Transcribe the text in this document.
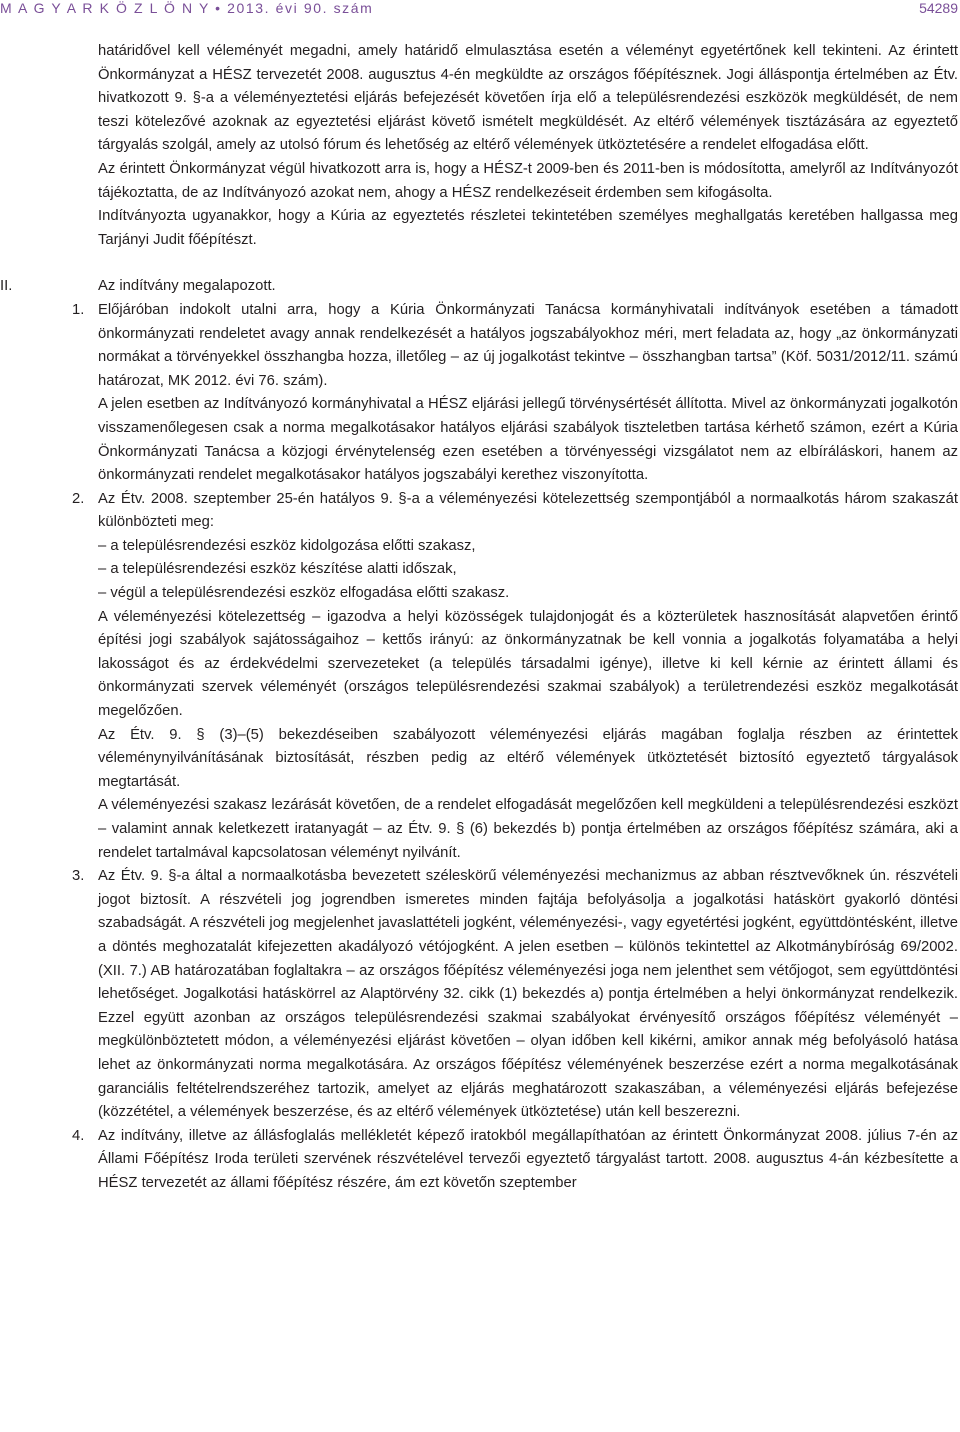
M A G Y A R K Ö Z L Ö N Y • 2013. évi 90. szám	54289

határidővel kell véleményét megadni, amely határidő elmulasztása esetén a véleményt egyetértőnek kell tekinteni. Az érintett Önkormányzat a HÉSZ tervezetét 2008. augusztus 4-én megküldte az országos főépítésznek. Jogi álláspontja értelmében az Étv. hivatkozott 9. §-a a véleményeztetési eljárás befejezését követően írja elő a településrendezési eszközök megküldését, de nem teszi kötelezővé azoknak az egyeztetési eljárást követő ismételt megküldését. Az eltérő vélemények tisztázására az egyeztető tárgyalás szolgál, amely az utolsó fórum és lehetőség az eltérő vélemények ütköztetésére a rendelet elfogadása előtt.

Az érintett Önkormányzat végül hivatkozott arra is, hogy a HÉSZ-t 2009-ben és 2011-ben is módosította, amelyről az Indítványozót tájékoztatta, de az Indítványozó azokat nem, ahogy a HÉSZ rendelkezéseit érdemben sem kifogásolta.

Indítványozta ugyanakkor, hogy a Kúria az egyeztetés részletei tekintetében személyes meghallgatás keretében hallgassa meg Tarjányi Judit főépítészt.

II.	Az indítvány megalapozott.

1. Előjáróban indokolt utalni arra, hogy a Kúria Önkormányzati Tanácsa kormányhivatali indítványok esetében a támadott önkormányzati rendeletet avagy annak rendelkezését a hatályos jogszabályokhoz méri, mert feladata az, hogy „az önkormányzati normákat a törvényekkel összhangba hozza, illetőleg – az új jogalkotást tekintve – összhangban tartsa” (Köf. 5031/2012/11. számú határozat, MK 2012. évi 76. szám).

A jelen esetben az Indítványozó kormányhivatal a HÉSZ eljárási jellegű törvénysértését állította. Mivel az önkormányzati jogalkotón visszamenőlegesen csak a norma megalkotásakor hatályos eljárási szabályok tiszteletben tartása kérhető számon, ezért a Kúria Önkormányzati Tanácsa a közjogi érvénytelenség ezen esetében a törvényességi vizsgálatot nem az elbíráláskori, hanem az önkormányzati rendelet megalkotásakor hatályos jogszabályi kerethez viszonyította.

2. Az Étv. 2008. szeptember 25-én hatályos 9. §-a a véleményezési kötelezettség szempontjából a normaalkotás három szakaszát különbözteti meg:

– a településrendezési eszköz kidolgozása előtti szakasz,
– a településrendezési eszköz készítése alatti időszak,
– végül a településrendezési eszköz elfogadása előtti szakasz.

A véleményezési kötelezettség – igazodva a helyi közösségek tulajdonjogát és a közterületek hasznosítását alapvetően érintő építési jogi szabályok sajátosságaihoz – kettős irányú: az önkormányzatnak be kell vonnia a jogalkotás folyamatába a helyi lakosságot és az érdekvédelmi szervezeteket (a település társadalmi igénye), illetve ki kell kérnie az érintett állami és önkormányzati szervek véleményét (országos településrendezési szakmai szabályok) a területrendezési eszköz megalkotását megelőzően.

Az Étv. 9. § (3)–(5) bekezdéseiben szabályozott véleményezési eljárás magában foglalja részben az érintettek véleménynyilvánításának biztosítását, részben pedig az eltérő vélemények ütköztetését biztosító egyeztető tárgyalások megtartását.

A véleményezési szakasz lezárását követően, de a rendelet elfogadását megelőzően kell megküldeni a településrendezési eszközt – valamint annak keletkezett iratanyagát – az Étv. 9. § (6) bekezdés b) pontja értelmében az országos főépítész számára, aki a rendelet tartalmával kapcsolatosan véleményt nyilvánít.

3. Az Étv. 9. §-a által a normaalkotásba bevezetett széleskörű véleményezési mechanizmus az abban résztvevőknek ún. részvételi jogot biztosít. A részvételi jog jogrendben ismeretes minden fajtája befolyásolja a jogalkotási hatáskört gyakorló döntési szabadságát. A részvételi jog megjelenhet javaslattételi jogként, véleményezési-, vagy egyetértési jogként, együttdöntésként, illetve a döntés meghozatalát kifejezetten akadályozó vétójogként. A jelen esetben – különös tekintettel az Alkotmánybíróság 69/2002. (XII. 7.) AB határozatában foglaltakra – az országos főépítész véleményezési joga nem jelenthet sem vétőjogot, sem együttdöntési lehetőséget. Jogalkotási hatáskörrel az Alaptörvény 32. cikk (1) bekezdés a) pontja értelmében a helyi önkormányzat rendelkezik. Ezzel együtt azonban az országos településrendezési szakmai szabályokat érvényesítő országos főépítész véleményét – megkülönböztetett módon, a véleményezési eljárást követően – olyan időben kell kikérni, amikor annak még befolyásoló hatása lehet az önkormányzati norma megalkotására. Az országos főépítész véleményének beszerzése ezért a norma megalkotásának garanciális feltételrendszeréhez tartozik, amelyet az eljárás meghatározott szakaszában, a véleményezési eljárás befejezése (közzététel, a vélemények beszerzése, és az eltérő vélemények ütköztetése) után kell beszerezni.

4. Az indítvány, illetve az állásfoglalás mellékletét képező iratokból megállapíthatóan az érintett Önkormányzat 2008. július 7-én az Állami Főépítész Iroda területi szervének részvételével tervezői egyeztető tárgyalást tartott. 2008. augusztus 4-án kézbesítette a HÉSZ tervezetét az állami főépítész részére, ám ezt követőn szeptember
